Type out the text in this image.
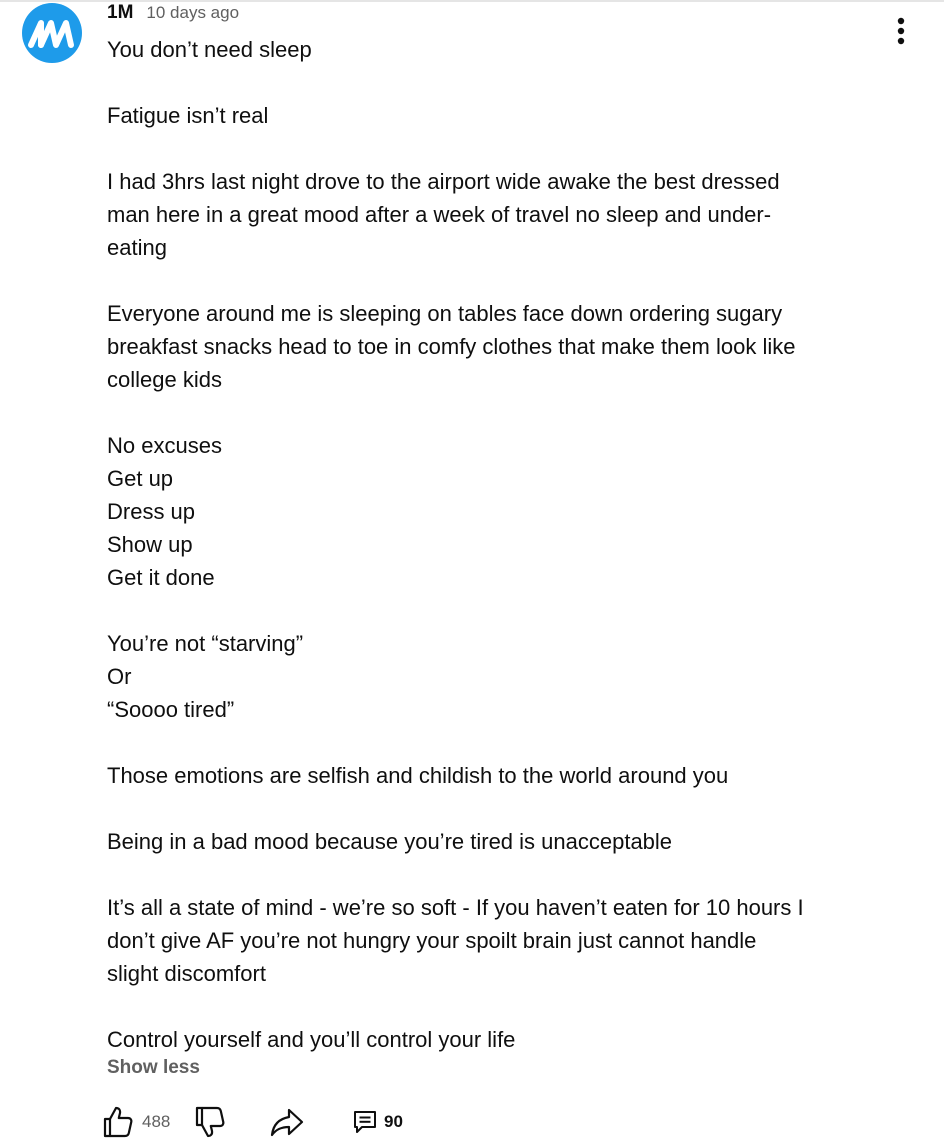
1M 10 days ago
You don’t need sleep
Fatigue isn’t real
I had 3hrs last night drove to the airport wide awake the best dressed
man here in a great mood after a week of travel no sleep and under-
eating
Everyone around me is sleeping on tables face down ordering sugary
breakfast snacks head to toe in comfy clothes that make them look like
college kids
No excuses
Get up
Dress up
Show up
Get it done
You’re not “starving”
Or
“Soooo tired”
Those emotions are selfish and childish to the world around you
Being in a bad mood because you’re tired is unacceptable
It’s all a state of mind - we’re so soft - If you haven’t eaten for 10 hours I
don’t give AF you’re not hungry your spoilt brain just cannot handle
slight discomfort
Control yourself and you’ll control your life
Show less
488	90
